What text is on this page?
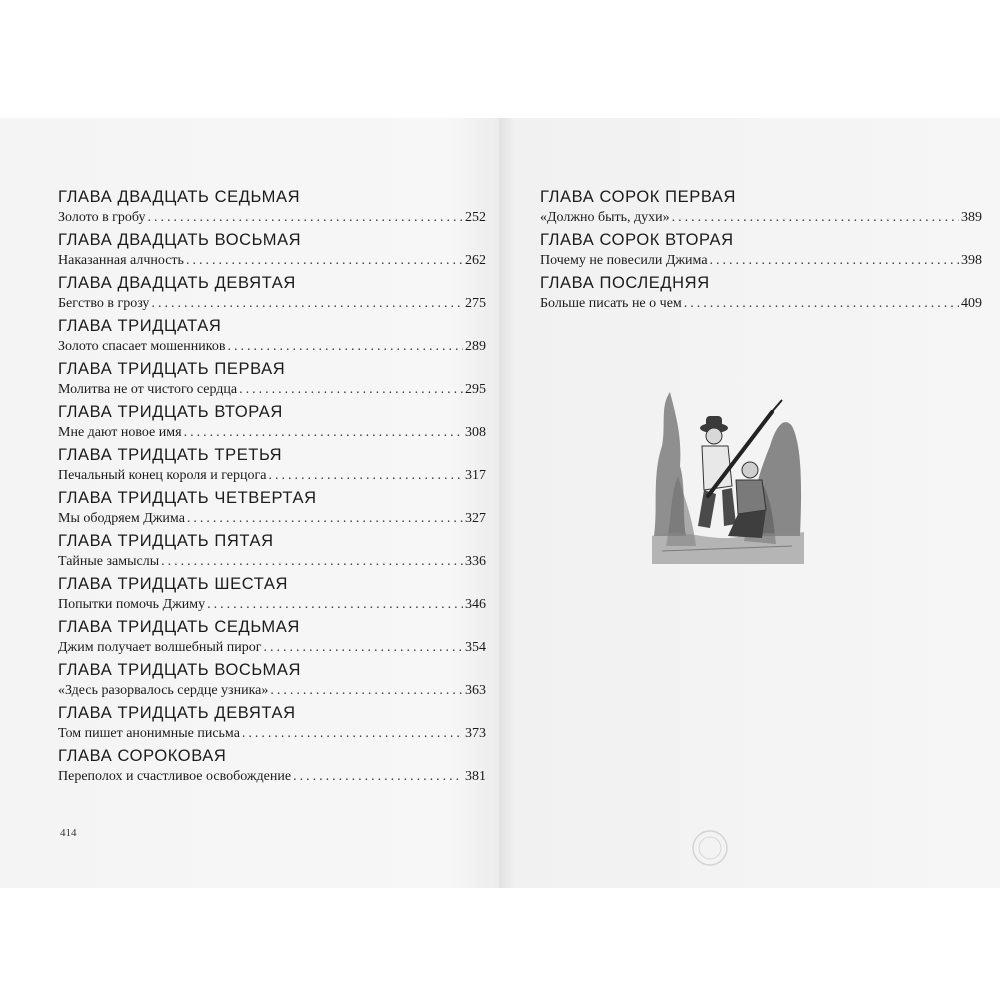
ГЛАВА ДВАДЦАТЬ СЕДЬМАЯ
Золото в гробу .....	252
ГЛАВА ДВАДЦАТЬ ВОСЬМАЯ
Наказанная алчность .....	262
ГЛАВА ДВАДЦАТЬ ДЕВЯТАЯ
Бегство в грозу .....	275
ГЛАВА ТРИДЦАТАЯ
Золото спасает мошенников .....	289
ГЛАВА ТРИДЦАТЬ ПЕРВАЯ
Молитва не от чистого сердца .....	295
ГЛАВА ТРИДЦАТЬ ВТОРАЯ
Мне дают новое имя .....	308
ГЛАВА ТРИДЦАТЬ ТРЕТЬЯ
Печальный конец короля и герцога .....	317
ГЛАВА ТРИДЦАТЬ ЧЕТВЕРТАЯ
Мы ободряем Джима .....	327
ГЛАВА ТРИДЦАТЬ ПЯТАЯ
Тайные замыслы .....	336
ГЛАВА ТРИДЦАТЬ ШЕСТАЯ
Попытки помочь Джиму .....	346
ГЛАВА ТРИДЦАТЬ СЕДЬМАЯ
Джим получает волшебный пирог .....	354
ГЛАВА ТРИДЦАТЬ ВОСЬМАЯ
«Здесь разорвалось сердце узника» .....	363
ГЛАВА ТРИДЦАТЬ ДЕВЯТАЯ
Том пишет анонимные письма .....	373
ГЛАВА СОРОКОВАЯ
Переполох и счастливое освобождение .....	381
414
ГЛАВА СОРОК ПЕРВАЯ
«Должно быть, духи» .....	389
ГЛАВА СОРОК ВТОРАЯ
Почему не повесили Джима .....	398
ГЛАВА ПОСЛЕДНЯЯ
Больше писать не о чем .....	409
